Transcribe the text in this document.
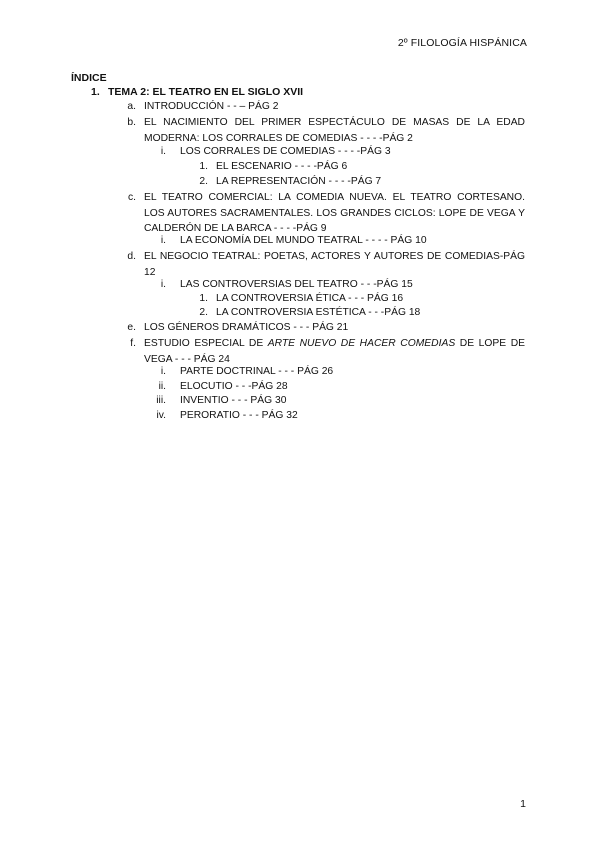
2º FILOLOGÍA HISPÁNICA
ÍNDICE
1. TEMA 2: EL TEATRO EN EL SIGLO XVII
a. INTRODUCCIÓN - - – PÁG 2
b. EL NACIMIENTO DEL PRIMER ESPECTÁCULO DE MASAS DE LA EDAD MODERNA: LOS CORRALES DE COMEDIAS - - - -PÁG 2
i. LOS CORRALES DE COMEDIAS - - - -PÁG 3
1. EL ESCENARIO - - - -PÁG 6
2. LA REPRESENTACIÓN - - - -PÁG 7
c. EL TEATRO COMERCIAL: LA COMEDIA NUEVA. EL TEATRO CORTESANO. LOS AUTORES SACRAMENTALES. LOS GRANDES CICLOS: LOPE DE VEGA Y CALDERÓN DE LA BARCA - - - -PÁG 9
i. LA ECONOMÍA DEL MUNDO TEATRAL - - - - PÁG 10
d. EL NEGOCIO TEATRAL: POETAS, ACTORES Y AUTORES DE COMEDIAS-PÁG 12
i. LAS CONTROVERSIAS DEL TEATRO - - -PÁG 15
1. LA CONTROVERSIA ÉTICA - - - PÁG 16
2. LA CONTROVERSIA ESTÉTICA - - -PÁG 18
e. LOS GÉNEROS DRAMÁTICOS - - - PÁG 21
f. ESTUDIO ESPECIAL DE ARTE NUEVO DE HACER COMEDIAS DE LOPE DE VEGA - - - PÁG 24
i. PARTE DOCTRINAL - - - PÁG 26
ii. ELOCUTIO - - -PÁG 28
iii. INVENTIO - - - PÁG 30
iv. PERORATIO - - - PÁG 32
1
